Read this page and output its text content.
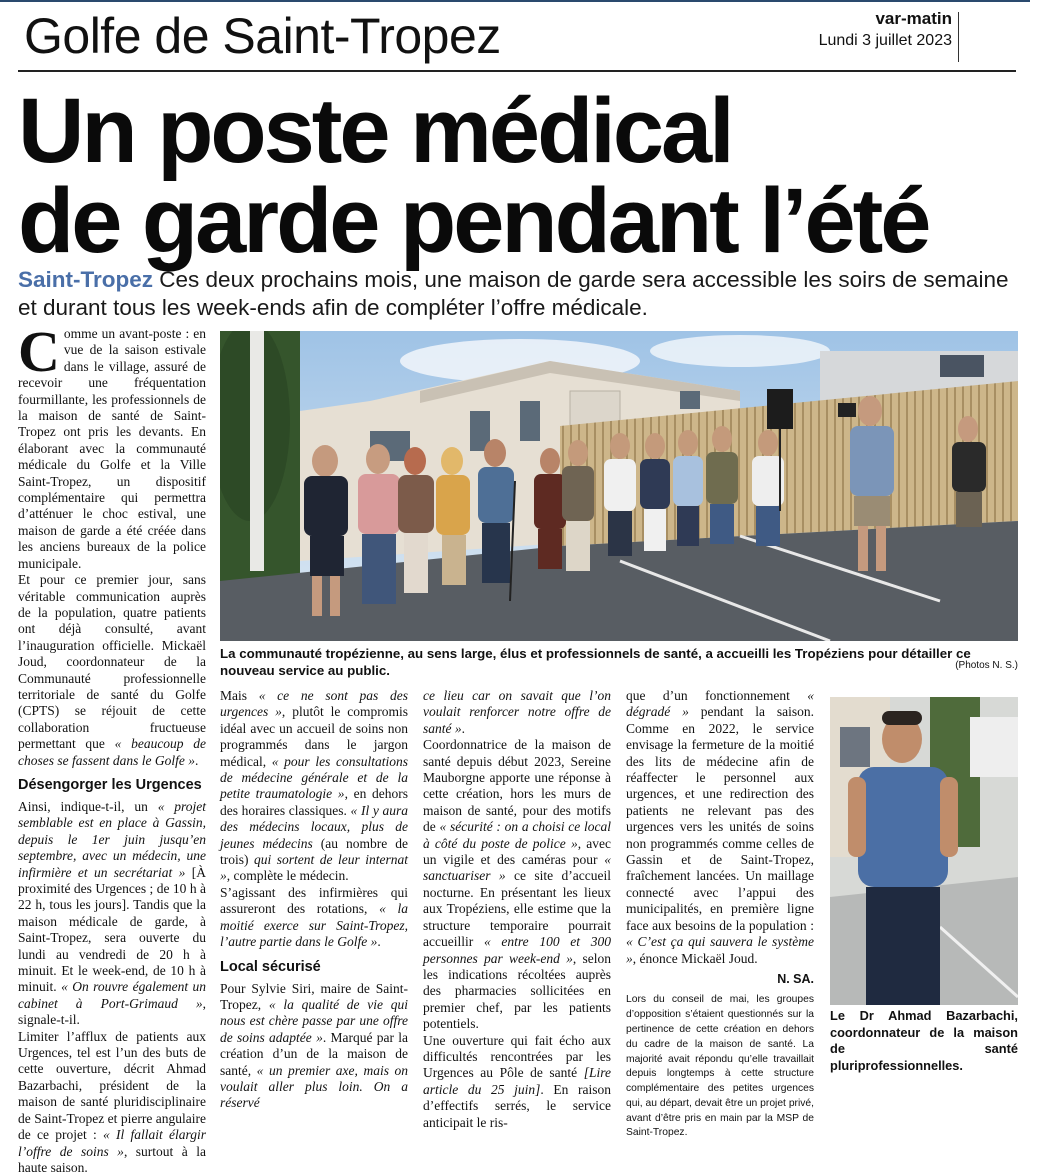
Golfe de Saint-Tropez	var-matin
Lundi 3 juillet 2023
Un poste médical
de garde pendant l’été
Saint-Tropez Ces deux prochains mois, une maison de garde sera accessible les soirs de semaine et durant tous les week-ends afin de compléter l’offre médicale.

Comme un avant-poste : en vue de la saison estivale dans le village, assuré de recevoir une fréquentation fourmillante, les professionnels de la maison de santé de Saint-Tropez ont pris les devants. En élaborant avec la communauté médicale du Golfe et la Ville Saint-Tropez, un dispositif complémentaire qui permettra d’atténuer le choc estival, une maison de garde a été créée dans les anciens bureaux de la police municipale.

Et pour ce premier jour, sans véritable communication auprès de la population, quatre patients ont déjà consulté, avant l’inauguration officielle. Mickaël Joud, coordonnateur de la Communauté professionnelle territoriale de santé du Golfe (CPTS) se réjouit de cette collaboration fructueuse permettant que « beaucoup de choses se fassent dans le Golfe ».

Désengorger les Urgences

Ainsi, indique-t-il, un « projet semblable est en place à Gassin, depuis le 1er juin jusqu’en septembre, avec un médecin, une infirmière et un secrétariat » [À proximité des Urgences ; de 10 h à 22 h, tous les jours]. Tandis que la maison médicale de garde, à Saint-Tropez, sera ouverte du lundi au vendredi de 20 h à minuit. Et le week-end, de 10 h à minuit. « On rouvre également un cabinet à Port-Grimaud », signale-t-il.

Limiter l’afflux de patients aux Urgences, tel est l’un des buts de cette ouverture, décrit Ahmad Bazarbachi, président de la maison de santé pluridisciplinaire de Saint-Tropez et pierre angulaire de ce projet : « Il fallait élargir l’offre de soins », surtout à la haute saison.

La communauté tropézienne, au sens large, élus et professionnels de santé, a accueilli les Tropéziens pour détailler ce nouveau service au public.	(Photos N. S.)

Mais « ce ne sont pas des urgences », plutôt le compromis idéal avec un accueil de soins non programmés dans le jargon médical, « pour les consultations de médecine générale et de la petite traumatologie », en dehors des horaires classiques. « Il y aura des médecins locaux, plus de jeunes médecins (au nombre de trois) qui sortent de leur internat », complète le médecin.

S’agissant des infirmières qui assureront des rotations, « la moitié exerce sur Saint-Tropez, l’autre partie dans le Golfe ».

Local sécurisé

Pour Sylvie Siri, maire de Saint-Tropez, « la qualité de vie qui nous est chère passe par une offre de soins adaptée ». Marqué par la création d’un de la maison de santé, « un premier axe, mais on voulait aller plus loin. On a réservé

ce lieu car on savait que l’on voulait renforcer notre offre de santé ».

Coordonnatrice de la maison de santé depuis début 2023, Sereine Mauborgne apporte une réponse à cette création, hors les murs de maison de santé, pour des motifs de « sécurité : on a choisi ce local à côté du poste de police », avec un vigile et des caméras pour « sanctuariser » ce site d’accueil nocturne. En présentant les lieux aux Tropéziens, elle estime que la structure temporaire pourrait accueillir « entre 100 et 300 personnes par week-end », selon les indications récoltées auprès des pharmacies sollicitées en premier chef, par les patients potentiels.

Une ouverture qui fait écho aux difficultés rencontrées par les Urgences au Pôle de santé [Lire article du 25 juin]. En raison d’effectifs serrés, le service anticipait le ris-

que d’un fonctionnement « dégradé » pendant la saison. Comme en 2022, le service envisage la fermeture de la moitié des lits de médecine afin de réaffecter le personnel aux urgences, et une redirection des patients ne relevant pas des urgences vers les unités de soins non programmés comme celles de Gassin et de Saint-Tropez, fraîchement lancées. Un maillage connecté avec l’appui des municipalités, en première ligne face aux besoins de la population : « C’est ça qui sauvera le système », énonce Mickaël Joud.

N. SA.

Lors du conseil de mai, les groupes d’opposition s’étaient questionnés sur la pertinence de cette création en dehors du cadre de la maison de santé. La majorité avait répondu qu’elle travaillait depuis longtemps à cette structure complémentaire des petites urgences qui, au départ, devait être un projet privé, avant d’être pris en main par la MSP de Saint-Tropez.

Le Dr Ahmad Bazarbachi, coordonnateur de la maison de santé pluriprofessionnelles.
